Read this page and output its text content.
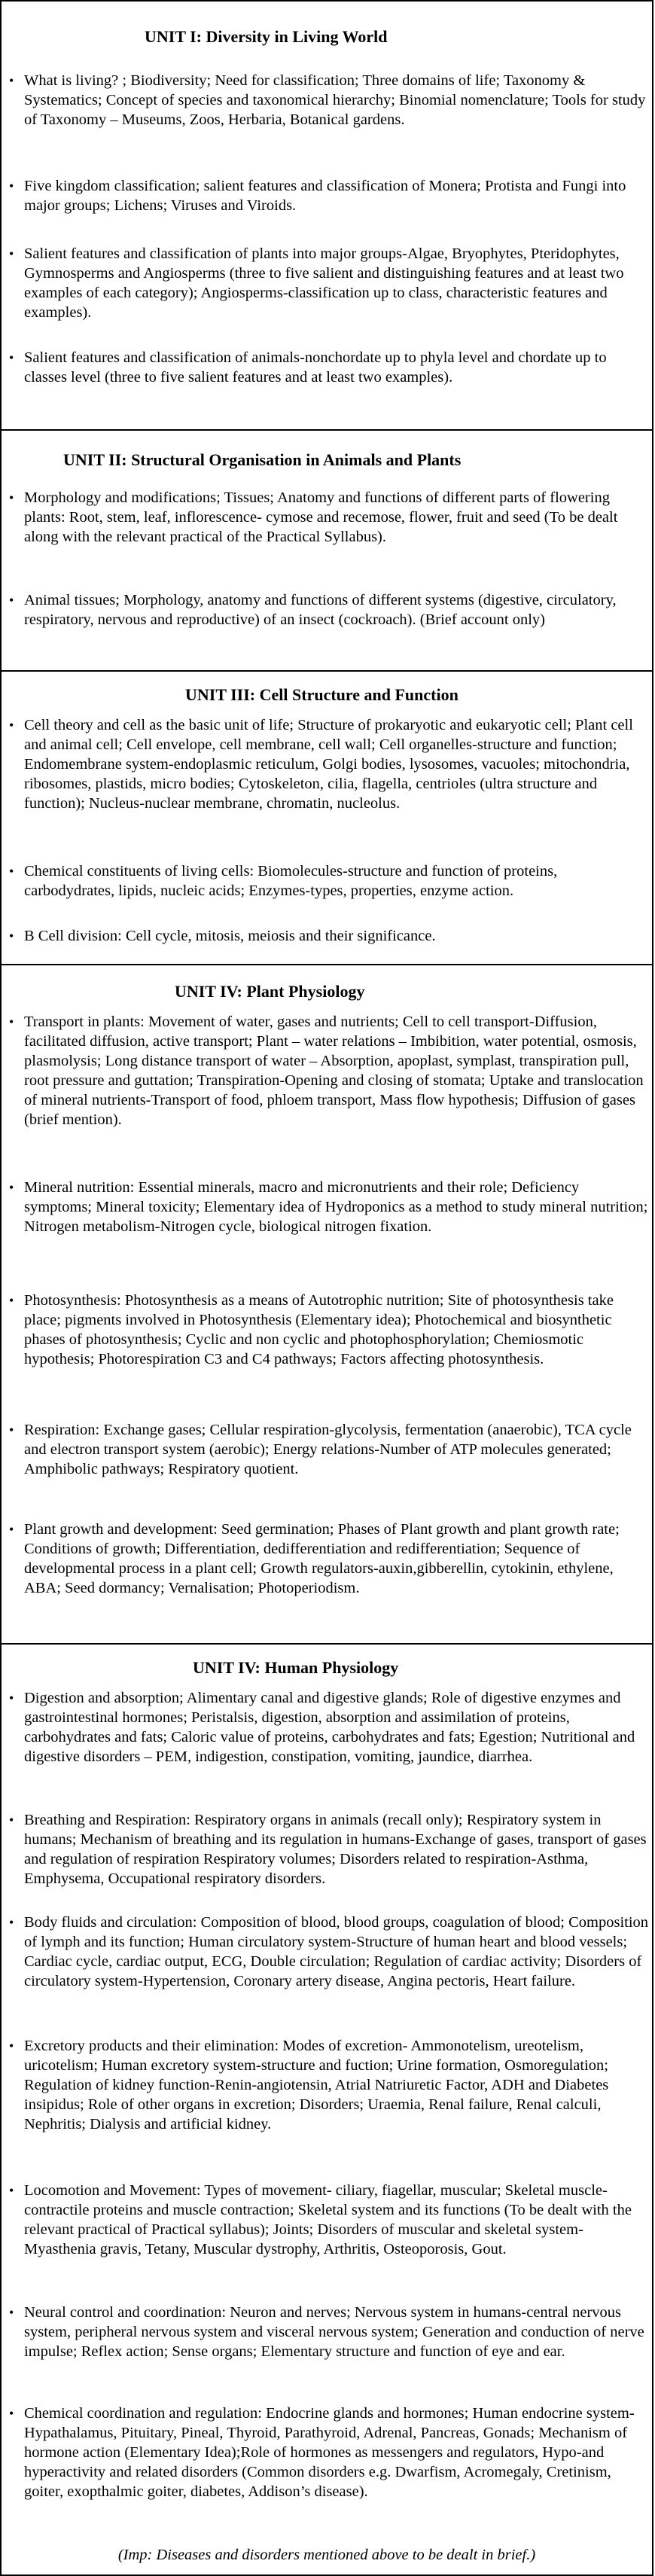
UNIT I: Diversity in Living World
• What is living? ; Biodiversity; Need for classification; Three domains of life; Taxonomy & Systematics; Concept of species and taxonomical hierarchy; Binomial nomenclature; Tools for study of Taxonomy – Museums, Zoos, Herbaria, Botanical gardens.
• Five kingdom classification; salient features and classification of Monera; Protista and Fungi into major groups; Lichens; Viruses and Viroids.
• Salient features and classification of plants into major groups-Algae, Bryophytes, Pteridophytes, Gymnosperms and Angiosperms (three to five salient and distinguishing features and at least two examples of each category); Angiosperms-classification up to class, characteristic features and examples).
• Salient features and classification of animals-nonchordate up to phyla level and chordate up to classes level (three to five salient features and at least two examples).
UNIT II: Structural Organisation in Animals and Plants
• Morphology and modifications; Tissues; Anatomy and functions of different parts of flowering plants: Root, stem, leaf, inflorescence- cymose and recemose, flower, fruit and seed (To be dealt along with the relevant practical of the Practical Syllabus).
• Animal tissues; Morphology, anatomy and functions of different systems (digestive, circulatory, respiratory, nervous and reproductive) of an insect (cockroach). (Brief account only)
UNIT III: Cell Structure and Function
• Cell theory and cell as the basic unit of life; Structure of prokaryotic and eukaryotic cell; Plant cell and animal cell; Cell envelope, cell membrane, cell wall; Cell organelles-structure and function; Endomembrane system-endoplasmic reticulum, Golgi bodies, lysosomes, vacuoles; mitochondria, ribosomes, plastids, micro bodies; Cytoskeleton, cilia, flagella, centrioles (ultra structure and function); Nucleus-nuclear membrane, chromatin, nucleolus.
• Chemical constituents of living cells: Biomolecules-structure and function of proteins, carbodydrates, lipids, nucleic acids; Enzymes-types, properties, enzyme action.
• B Cell division: Cell cycle, mitosis, meiosis and their significance.
UNIT IV: Plant Physiology
• Transport in plants: Movement of water, gases and nutrients; Cell to cell transport-Diffusion, facilitated diffusion, active transport; Plant – water relations – Imbibition, water potential, osmosis, plasmolysis; Long distance transport of water – Absorption, apoplast, symplast, transpiration pull, root pressure and guttation; Transpiration-Opening and closing of stomata; Uptake and translocation of mineral nutrients-Transport of food, phloem transport, Mass flow hypothesis; Diffusion of gases (brief mention).
• Mineral nutrition: Essential minerals, macro and micronutrients and their role; Deficiency symptoms; Mineral toxicity; Elementary idea of Hydroponics as a method to study mineral nutrition; Nitrogen metabolism-Nitrogen cycle, biological nitrogen fixation.
• Photosynthesis: Photosynthesis as a means of Autotrophic nutrition; Site of photosynthesis take place; pigments involved in Photosynthesis (Elementary idea); Photochemical and biosynthetic phases of photosynthesis; Cyclic and non cyclic and photophosphorylation; Chemiosmotic hypothesis; Photorespiration C3 and C4 pathways; Factors affecting photosynthesis.
• Respiration: Exchange gases; Cellular respiration-glycolysis, fermentation (anaerobic), TCA cycle and electron transport system (aerobic); Energy relations-Number of ATP molecules generated; Amphibolic pathways; Respiratory quotient.
• Plant growth and development: Seed germination; Phases of Plant growth and plant growth rate; Conditions of growth; Differentiation, dedifferentiation and redifferentiation; Sequence of developmental process in a plant cell; Growth regulators-auxin,gibberellin, cytokinin, ethylene, ABA; Seed dormancy; Vernalisation; Photoperiodism.
UNIT IV: Human Physiology
• Digestion and absorption; Alimentary canal and digestive glands; Role of digestive enzymes and gastrointestinal hormones; Peristalsis, digestion, absorption and assimilation of proteins, carbohydrates and fats; Caloric value of proteins, carbohydrates and fats; Egestion; Nutritional and digestive disorders – PEM, indigestion, constipation, vomiting, jaundice, diarrhea.
• Breathing and Respiration: Respiratory organs in animals (recall only); Respiratory system in humans; Mechanism of breathing and its regulation in humans-Exchange of gases, transport of gases and regulation of respiration Respiratory volumes; Disorders related to respiration-Asthma, Emphysema, Occupational respiratory disorders.
• Body fluids and circulation: Composition of blood, blood groups, coagulation of blood; Composition of lymph and its function; Human circulatory system-Structure of human heart and blood vessels; Cardiac cycle, cardiac output, ECG, Double circulation; Regulation of cardiac activity; Disorders of circulatory system-Hypertension, Coronary artery disease, Angina pectoris, Heart failure.
• Excretory products and their elimination: Modes of excretion- Ammonotelism, ureotelism, uricotelism; Human excretory system-structure and fuction; Urine formation, Osmoregulation; Regulation of kidney function-Renin-angiotensin, Atrial Natriuretic Factor, ADH and Diabetes insipidus; Role of other organs in excretion; Disorders; Uraemia, Renal failure, Renal calculi, Nephritis; Dialysis and artificial kidney.
• Locomotion and Movement: Types of movement- ciliary, fiagellar, muscular; Skeletal muscle- contractile proteins and muscle contraction; Skeletal system and its functions (To be dealt with the relevant practical of Practical syllabus); Joints; Disorders of muscular and skeletal system-Myasthenia gravis, Tetany, Muscular dystrophy, Arthritis, Osteoporosis, Gout.
• Neural control and coordination: Neuron and nerves; Nervous system in humans-central nervous system, peripheral nervous system and visceral nervous system; Generation and conduction of nerve impulse; Reflex action; Sense organs; Elementary structure and function of eye and ear.
• Chemical coordination and regulation: Endocrine glands and hormones; Human endocrine system-Hypathalamus, Pituitary, Pineal, Thyroid, Parathyroid, Adrenal, Pancreas, Gonads; Mechanism of hormone action (Elementary Idea);Role of hormones as messengers and regulators, Hypo-and hyperactivity and related disorders (Common disorders e.g. Dwarfism, Acromegaly, Cretinism, goiter, exopthalmic goiter, diabetes, Addison’s disease).
(Imp: Diseases and disorders mentioned above to be dealt in brief.)
